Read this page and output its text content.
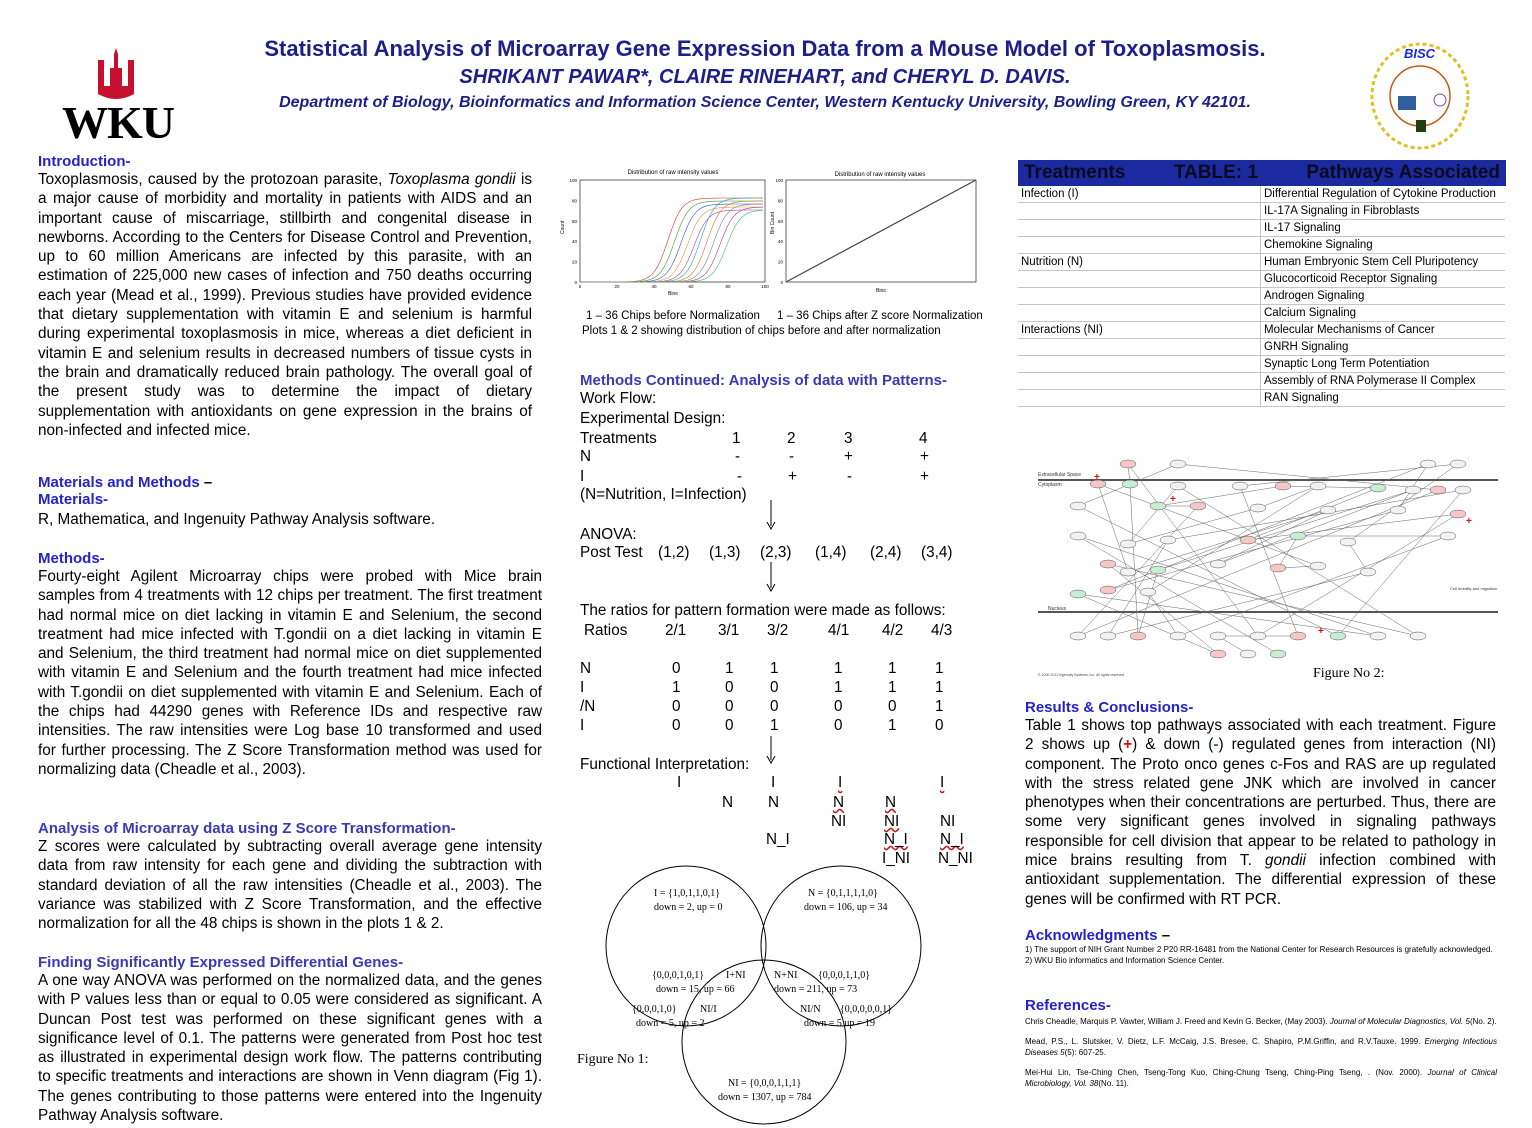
WKU
Statistical Analysis of Microarray Gene Expression Data from a Mouse Model of Toxoplasmosis.
SHRIKANT PAWAR*, CLAIRE RINEHART, and CHERYL D. DAVIS.
Department of Biology, Bioinformatics and Information Science Center, Western Kentucky University, Bowling Green, KY 42101.
BISC
Introduction-
Toxoplasmosis, caused by the protozoan parasite, Toxoplasma gondii is a major cause of morbidity and mortality in patients with AIDS and an important cause of miscarriage, stillbirth and congenital disease in newborns. According to the Centers for Disease Control and Prevention, up to 60 million Americans are infected by this parasite, with an estimation of 225,000 new cases of infection and 750 deaths occurring each year (Mead et al., 1999). Previous studies have provided evidence that dietary supplementation with vitamin E and selenium is harmful during experimental toxoplasmosis in mice, whereas a diet deficient in vitamin E and selenium results in decreased numbers of tissue cysts in the brain and dramatically reduced brain pathology. The overall goal of the present study was to determine the impact of dietary supplementation with antioxidants on gene expression in the brains of non-infected and infected mice.
Materials and Methods –
Materials-
R, Mathematica, and Ingenuity Pathway Analysis software.
Methods-
Fourty-eight Agilent Microarray chips were probed with Mice brain samples from 4 treatments with 12 chips per treatment. The first treatment had normal mice on diet lacking in vitamin E and Selenium, the second treatment had mice infected with T.gondii on a diet lacking in vitamin E and Selenium, the third treatment had normal mice on diet supplemented with vitamin E and Selenium and the fourth treatment had mice infected with T.gondii on diet supplemented with vitamin E and Selenium. Each of the chips had 44290 genes with Reference IDs and respective raw intensities. The raw intensities were Log base 10 transformed and used for further processing. The Z Score Transformation method was used for normalizing data (Cheadle et al., 2003).
Analysis of Microarray data using Z Score Transformation-
Z scores were calculated by subtracting overall average gene intensity data from raw intensity for each gene and dividing the subtraction with standard deviation of all the raw intensities (Cheadle et al., 2003). The variance was stabilized with Z Score Transformation, and the effective normalization for all the 48 chips is shown in the plots 1 & 2.
Finding Significantly Expressed Differential Genes-
A one way ANOVA was performed on the normalized data, and the genes with P values less than or equal to 0.05 were considered as significant. A Duncan Post test was performed on these significant genes with a significance level of 0.1. The patterns were generated from Post hoc test as illustrated in experimental design work flow. The patterns contributing to specific treatments and interactions are shown in Venn diagram (Fig 1). The genes contributing to those patterns were entered into the Ingenuity Pathway Analysis software.
Distribution of raw intensity values
100
80
60
40
20
0
0	20	40	60	80	100
Count
Bins
Distribution of raw intensity values
100
80
60
40
20
0
Bin Count
Bins
1 – 36 Chips before Normalization 1 – 36 Chips after Z score Normalization
Plots 1 & 2 showing distribution of chips before and after normalization
Methods Continued: Analysis of data with Patterns-
Work Flow:
Experimental Design:
Treatments	1	2	3	4
N	-	-	+	+
I	-	+	-	+
(N=Nutrition, I=Infection)
ANOVA:
Post Test (1,2) (1,3) (2,3) (1,4) (2,4) (3,4)
The ratios for pattern formation were made as follows:
Ratios 2/1 3/1 3/2	4/1 4/2 4/3
N	0	1 1	1	1	1
I	1	0 0	1	1	1
/N	0	0 0	0	0	1
I	0	0 1	0	1	0
Functional Interpretation:
I	I	I	I
N N	N	N
NI NI	NI
N_I	N_I N_I
I_NI N_NI
I = {1,0,1,1,0,1}
down = 2, up = 0
N = {0,1,1,1,1,0}
down = 106, up = 34
{0,0,0,1,0,1} I+NI
down = 15, up = 66
N+NI {0,0,0,1,1,0}
down = 211, up = 73
{0,0,0,1,0} NI/I
down = 5, up = 2
NI/N {0,0,0,0,0,1}
down = 5 up = 19
NI = {0,0,0,1,1,1}
down = 1307, up = 784
Figure No 1:
Treatments	TABLE: 1	Pathways Associated
Infection (I)	Differential Regulation of Cytokine Production
	IL-17A Signaling in Fibroblasts
	IL-17 Signaling
	Chemokine Signaling
Nutrition (N)	Human Embryonic Stem Cell Pluripotency
	Glucocorticoid Receptor Signaling
	Androgen Signaling
	Calcium Signaling
Interactions (NI)	Molecular Mechanisms of Cancer
	GNRH Signaling
	Synaptic Long Term Potentiation
	Assembly of RNA Polymerase II Complex
	RAN Signaling
Extracellular Space
Cytoplasm
Nucleus
Cell mobility and migration
+
+
+
+
© 2000-2011 Ingenuity Systems, Inc. All rights reserved.	Figure No 2:
Results & Conclusions-
Table 1 shows top pathways associated with each treatment. Figure 2 shows up (+) & down (-) regulated genes from interaction (NI) component. The Proto onco genes c-Fos and RAS are up regulated with the stress related gene JNK which are involved in cancer phenotypes when their concentrations are perturbed. Thus, there are some very significant genes involved in signaling pathways responsible for cell division that appear to be related to pathology in mice brains resulting from T. gondii infection combined with antioxidant supplementation. The differential expression of these genes will be confirmed with RT PCR.
Acknowledgments –
1) The support of NIH Grant Number 2 P20 RR-16481 from the National Center for Research Resources is gratefully acknowledged.
2) WKU Bio informatics and Information Science Center.
References-
Chris Cheadle, Marquis P. Vawter, William J. Freed and Kevin G. Becker, (May 2003). Journal of Molecular Diagnostics, Vol. 5(No. 2).
Mead, P.S., L. Slutsker, V. Dietz, L.F. McCaig, J.S. Bresee, C. Shapiro, P.M.Griffin, and R.V.Tauxe. 1999. Emerging Infectious Diseases 5(5): 607-25.
Mei-Hui Lin, Tse-Ching Chen, Tseng-Tong Kuo, Ching-Chung Tseng, Ching-Ping Tseng, . (Nov. 2000). Journal of Clinical Microbiology, Vol. 38(No. 11).
